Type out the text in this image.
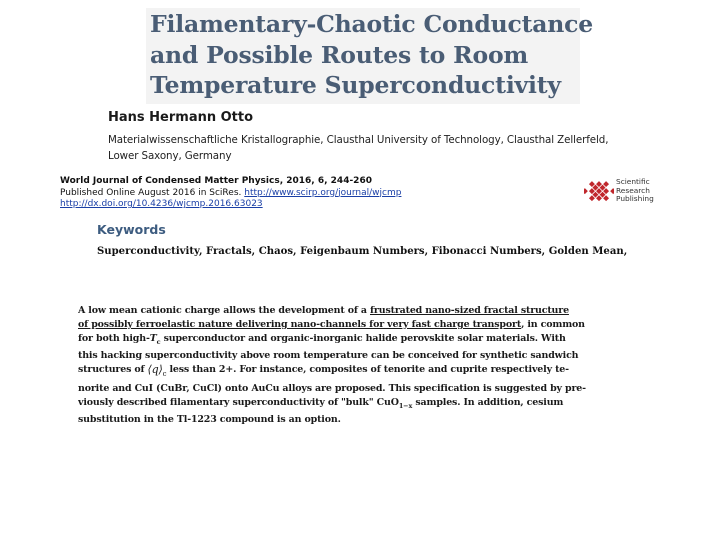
Filamentary-Chaotic Conductance
and Possible Routes to Room
Temperature Superconductivity
Hans Hermann Otto
Materialwissenschaftliche Kristallographie, Clausthal University of Technology, Clausthal Zellerfeld,
Lower Saxony, Germany
World Journal of Condensed Matter Physics, 2016, 6, 244-260
Published Online August 2016 in SciRes. http://www.scirp.org/journal/wjcmp
http://dx.doi.org/10.4236/wjcmp.2016.63023
Scientific
Research
Publishing
Keywords
Superconductivity, Fractals, Chaos, Feigenbaum Numbers, Fibonacci Numbers, Golden Mean,
A low mean cationic charge allows the development of a frustrated nano-sized fractal structure
of possibly ferroelastic nature delivering nano-channels for very fast charge transport, in common
for both high-$T_c$ superconductor and organic-inorganic halide perovskite solar materials. With
this hacking superconductivity above room temperature can be conceived for synthetic sandwich
structures of $⟨q⟩_c$ less than 2+. For instance, composites of tenorite and cuprite respectively te-
norite and CuI (CuBr, CuCl) onto AuCu alloys are proposed. This specification is suggested by pre-
viously described filamentary superconductivity of "bulk" CuO$_{1-x}$ samples. In addition, cesium
substitution in the Tl-1223 compound is an option.
